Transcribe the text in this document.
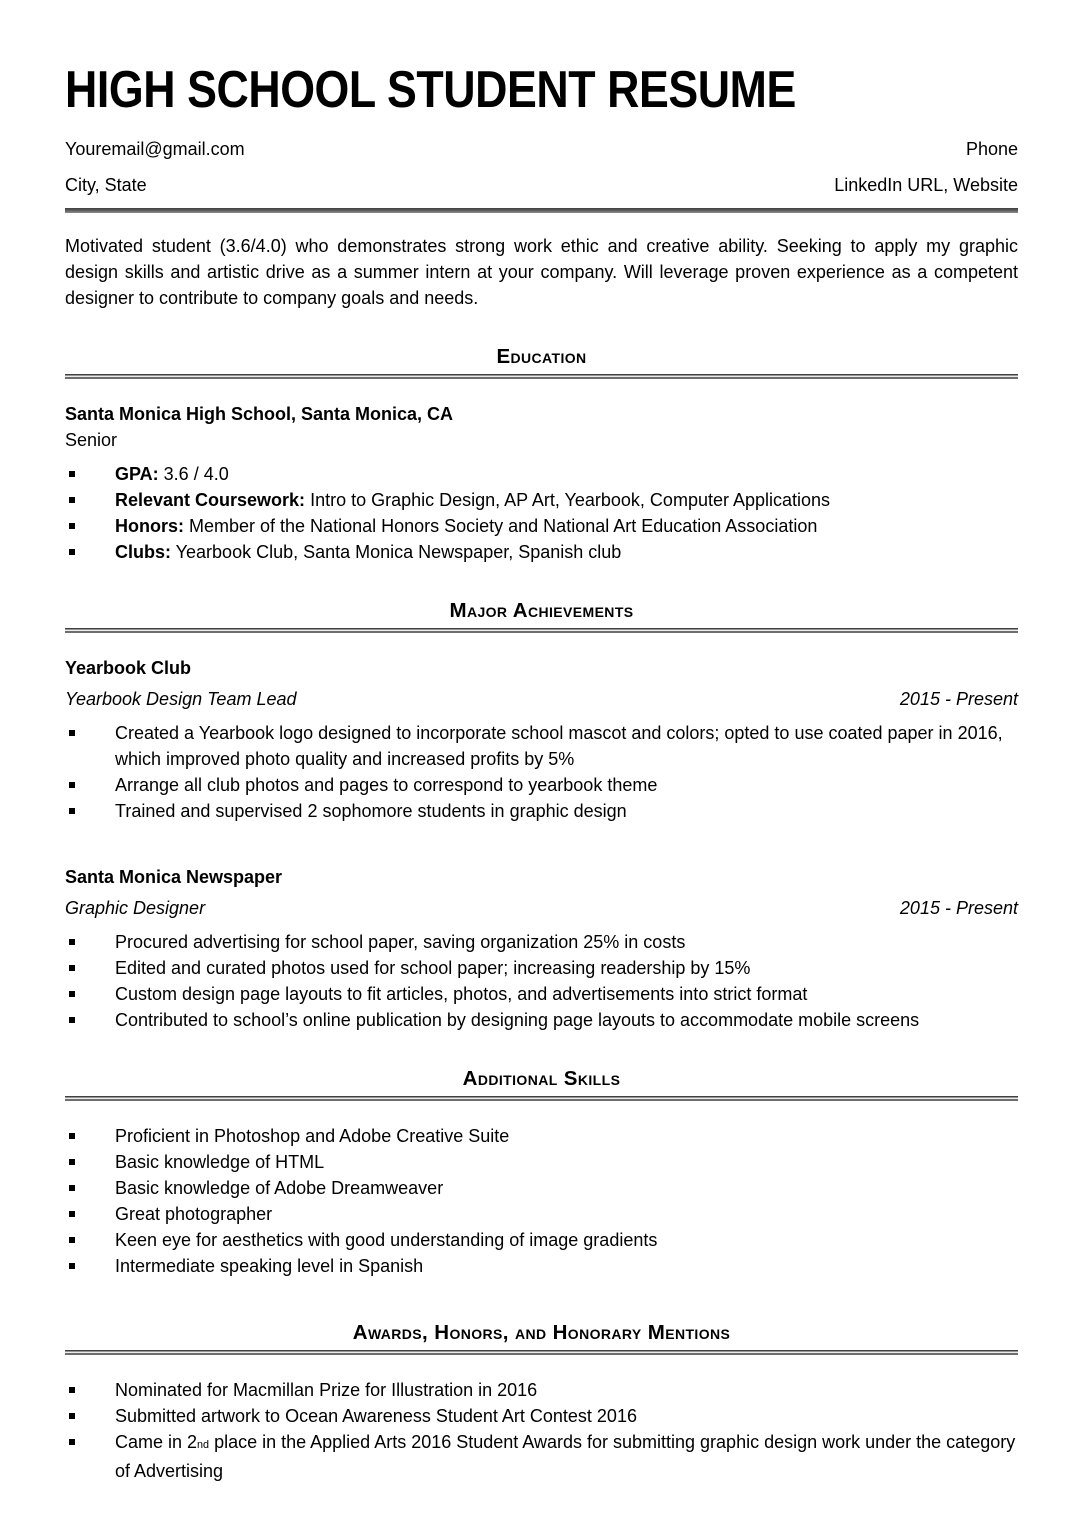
HIGH SCHOOL STUDENT RESUME
Youremail@gmail.com	Phone
City, State	LinkedIn URL, Website

Motivated student (3.6/4.0) who demonstrates strong work ethic and creative ability. Seeking to apply my graphic design skills and artistic drive as a summer intern at your company. Will leverage proven experience as a competent designer to contribute to company goals and needs.

Education
Santa Monica High School, Santa Monica, CA
Senior
GPA: 3.6 / 4.0
Relevant Coursework: Intro to Graphic Design, AP Art, Yearbook, Computer Applications
Honors: Member of the National Honors Society and National Art Education Association
Clubs: Yearbook Club, Santa Monica Newspaper, Spanish club
Major Achievements
Yearbook Club
Yearbook Design Team Lead	2015 - Present
Created a Yearbook logo designed to incorporate school mascot and colors; opted to use coated paper in 2016, which improved photo quality and increased profits by 5%
Arrange all club photos and pages to correspond to yearbook theme
Trained and supervised 2 sophomore students in graphic design
Santa Monica Newspaper
Graphic Designer	2015 - Present
Procured advertising for school paper, saving organization 25% in costs
Edited and curated photos used for school paper; increasing readership by 15%
Custom design page layouts to fit articles, photos, and advertisements into strict format
Contributed to school’s online publication by designing page layouts to accommodate mobile screens
Additional Skills
Proficient in Photoshop and Adobe Creative Suite
Basic knowledge of HTML
Basic knowledge of Adobe Dreamweaver
Great photographer
Keen eye for aesthetics with good understanding of image gradients
Intermediate speaking level in Spanish
Awards, Honors, and Honorary Mentions
Nominated for Macmillan Prize for Illustration in 2016
Submitted artwork to Ocean Awareness Student Art Contest 2016
Came in 2nd place in the Applied Arts 2016 Student Awards for submitting graphic design work under the category of Advertising
